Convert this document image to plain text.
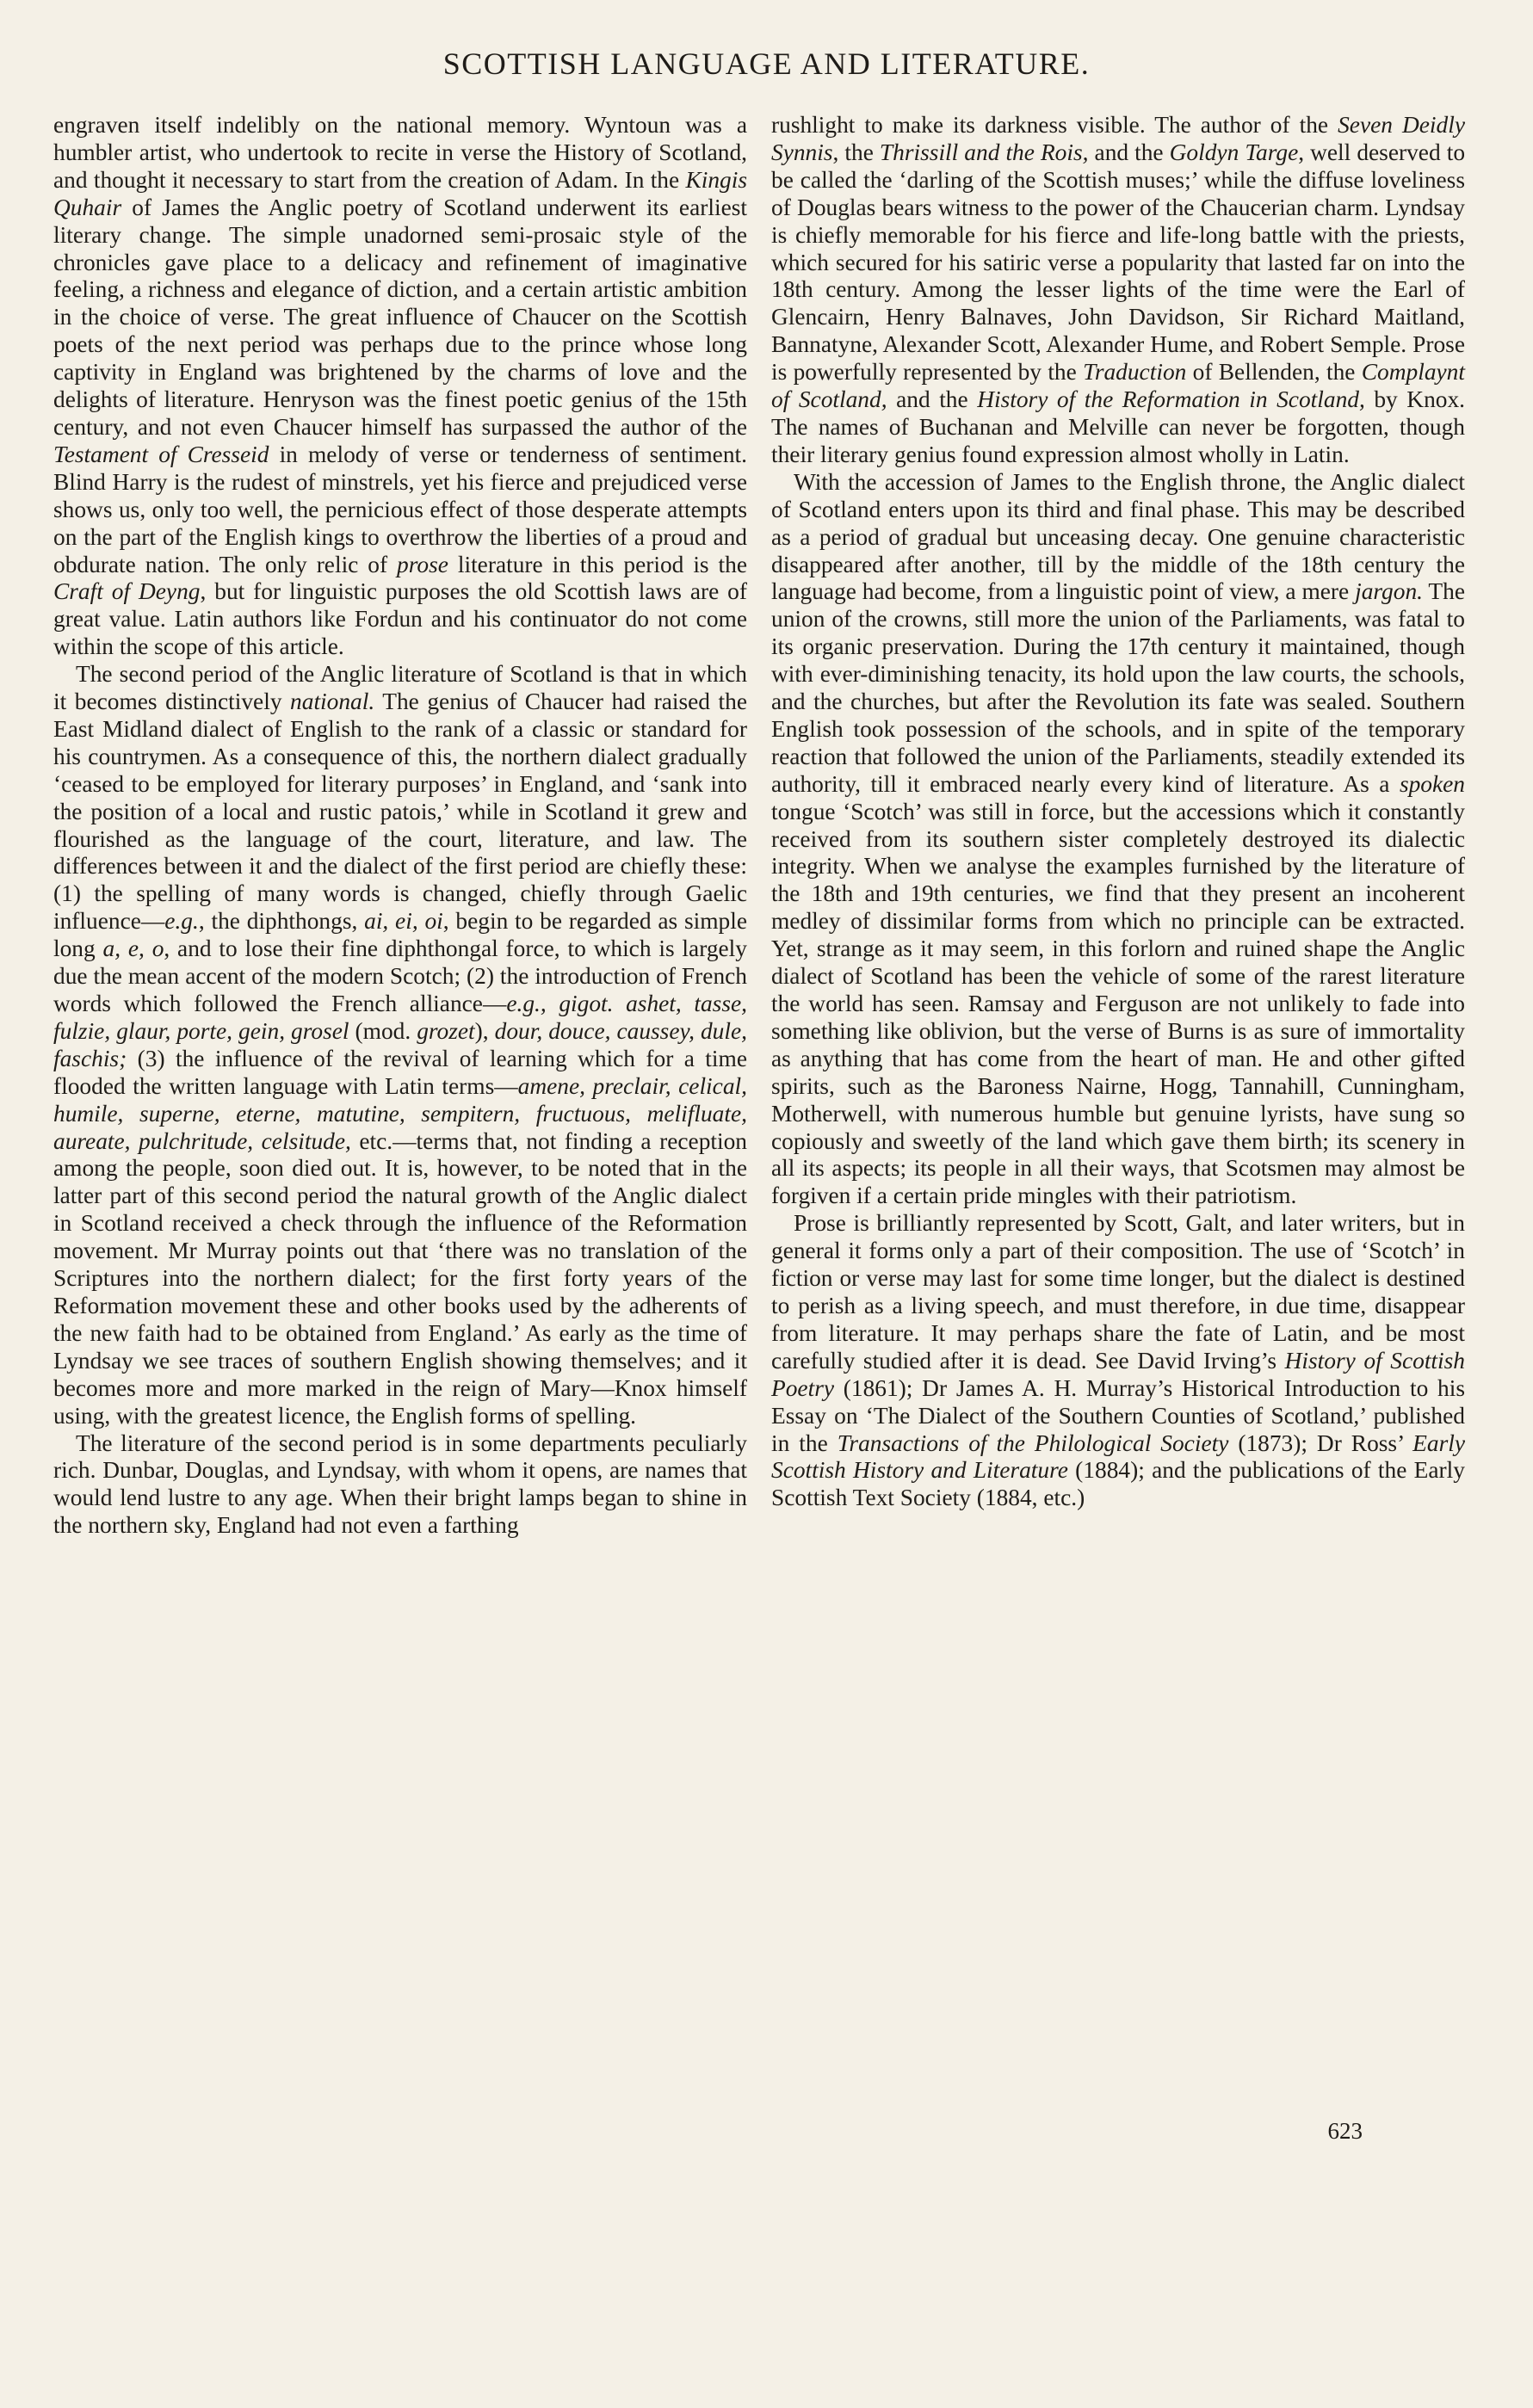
SCOTTISH LANGUAGE AND LITERATURE.

engraven itself indelibly on the national memory. Wyntoun was a humbler artist, who undertook to recite in verse the History of Scotland, and thought it necessary to start from the creation of Adam. In the Kingis Quhair of James the Anglic poetry of Scotland underwent its earliest literary change. The simple unadorned semi-prosaic style of the chronicles gave place to a delicacy and refinement of imaginative feeling, a richness and elegance of diction, and a certain artistic ambition in the choice of verse. The great influence of Chaucer on the Scottish poets of the next period was perhaps due to the prince whose long captivity in England was brightened by the charms of love and the delights of literature. Henryson was the finest poetic genius of the 15th century, and not even Chaucer himself has surpassed the author of the Testament of Cresseid in melody of verse or tenderness of sentiment. Blind Harry is the rudest of minstrels, yet his fierce and prejudiced verse shows us, only too well, the pernicious effect of those desperate attempts on the part of the English kings to overthrow the liberties of a proud and obdurate nation. The only relic of prose literature in this period is the Craft of Deyng, but for linguistic purposes the old Scottish laws are of great value. Latin authors like Fordun and his continuator do not come within the scope of this article.

The second period of the Anglic literature of Scotland is that in which it becomes distinctively national. The genius of Chaucer had raised the East Midland dialect of English to the rank of a classic or standard for his countrymen. As a consequence of this, the northern dialect gradually ‘ceased to be employed for literary purposes’ in England, and ‘sank into the position of a local and rustic patois,’ while in Scotland it grew and flourished as the language of the court, literature, and law. The differences between it and the dialect of the first period are chiefly these: (1) the spelling of many words is changed, chiefly through Gaelic influence—e.g., the diphthongs, ai, ei, oi, begin to be regarded as simple long a, e, o, and to lose their fine diphthongal force, to which is largely due the mean accent of the modern Scotch; (2) the introduction of French words which followed the French alliance—e.g., gigot. ashet, tasse, fulzie, glaur, porte, gein, grosel (mod. grozet), dour, douce, caussey, dule, faschis; (3) the influence of the revival of learning which for a time flooded the written language with Latin terms—amene, preclair, celical, humile, superne, eterne, matutine, sempitern, fructuous, melifluate, aureate, pulchritude, celsitude, etc.—terms that, not finding a reception among the people, soon died out. It is, however, to be noted that in the latter part of this second period the natural growth of the Anglic dialect in Scotland received a check through the influence of the Reformation movement. Mr Murray points out that ‘there was no translation of the Scriptures into the northern dialect; for the first forty years of the Reformation movement these and other books used by the adherents of the new faith had to be obtained from England.’ As early as the time of Lyndsay we see traces of southern English showing themselves; and it becomes more and more marked in the reign of Mary—Knox himself using, with the greatest licence, the English forms of spelling.

The literature of the second period is in some departments peculiarly rich. Dunbar, Douglas, and Lyndsay, with whom it opens, are names that would lend lustre to any age. When their bright lamps began to shine in the northern sky, England had not even a farthing

rushlight to make its darkness visible. The author of the Seven Deidly Synnis, the Thrissill and the Rois, and the Goldyn Targe, well deserved to be called the ‘darling of the Scottish muses;’ while the diffuse loveliness of Douglas bears witness to the power of the Chaucerian charm. Lyndsay is chiefly memorable for his fierce and life-long battle with the priests, which secured for his satiric verse a popularity that lasted far on into the 18th century. Among the lesser lights of the time were the Earl of Glencairn, Henry Balnaves, John Davidson, Sir Richard Maitland, Bannatyne, Alexander Scott, Alexander Hume, and Robert Semple. Prose is powerfully represented by the Traduction of Bellenden, the Complaynt of Scotland, and the History of the Reformation in Scotland, by Knox. The names of Buchanan and Melville can never be forgotten, though their literary genius found expression almost wholly in Latin.

With the accession of James to the English throne, the Anglic dialect of Scotland enters upon its third and final phase. This may be described as a period of gradual but unceasing decay. One genuine characteristic disappeared after another, till by the middle of the 18th century the language had become, from a linguistic point of view, a mere jargon. The union of the crowns, still more the union of the Parliaments, was fatal to its organic preservation. During the 17th century it maintained, though with ever-diminishing tenacity, its hold upon the law courts, the schools, and the churches, but after the Revolution its fate was sealed. Southern English took possession of the schools, and in spite of the temporary reaction that followed the union of the Parliaments, steadily extended its authority, till it embraced nearly every kind of literature. As a spoken tongue ‘Scotch’ was still in force, but the accessions which it constantly received from its southern sister completely destroyed its dialectic integrity. When we analyse the examples furnished by the literature of the 18th and 19th centuries, we find that they present an incoherent medley of dissimilar forms from which no principle can be extracted. Yet, strange as it may seem, in this forlorn and ruined shape the Anglic dialect of Scotland has been the vehicle of some of the rarest literature the world has seen. Ramsay and Ferguson are not unlikely to fade into something like oblivion, but the verse of Burns is as sure of immortality as anything that has come from the heart of man. He and other gifted spirits, such as the Baroness Nairne, Hogg, Tannahill, Cunningham, Motherwell, with numerous humble but genuine lyrists, have sung so copiously and sweetly of the land which gave them birth; its scenery in all its aspects; its people in all their ways, that Scotsmen may almost be forgiven if a certain pride mingles with their patriotism.

Prose is brilliantly represented by Scott, Galt, and later writers, but in general it forms only a part of their composition. The use of ‘Scotch’ in fiction or verse may last for some time longer, but the dialect is destined to perish as a living speech, and must therefore, in due time, disappear from literature. It may perhaps share the fate of Latin, and be most carefully studied after it is dead. See David Irving’s History of Scottish Poetry (1861); Dr James A. H. Murray’s Historical Introduction to his Essay on ‘The Dialect of the Southern Counties of Scotland,’ published in the Transactions of the Philological Society (1873); Dr Ross’ Early Scottish History and Literature (1884); and the publications of the Early Scottish Text Society (1884, etc.)

623
